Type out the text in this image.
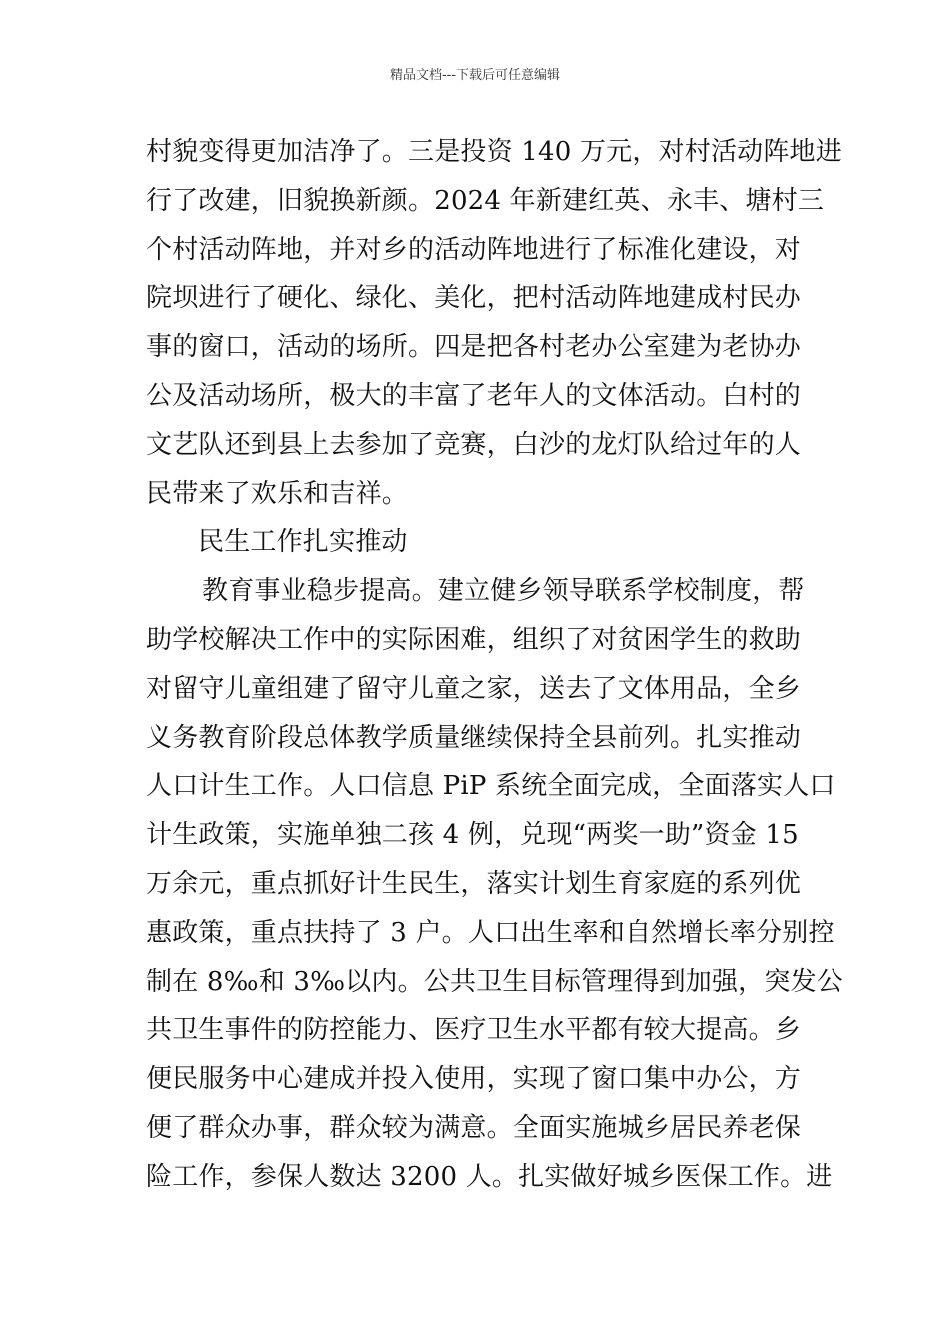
精品文档---下载后可任意编辑
村貌变得更加洁净了。三是投资 140 万元，对村活动阵地进
行了改建，旧貌换新颜。2024 年新建红英、永丰、塘村三
个村活动阵地，并对乡的活动阵地进行了标准化建设，对
院坝进行了硬化、绿化、美化，把村活动阵地建成村民办
事的窗口，活动的场所。四是把各村老办公室建为老协办
公及活动场所，极大的丰富了老年人的文体活动。白村的
文艺队还到县上去参加了竞赛，白沙的龙灯队给过年的人
民带来了欢乐和吉祥。
民生工作扎实推动
教育事业稳步提高。建立健乡领导联系学校制度，帮
助学校解决工作中的实际困难，组织了对贫困学生的救助
对留守儿童组建了留守儿童之家，送去了文体用品，全乡
义务教育阶段总体教学质量继续保持全县前列。扎实推动
人口计生工作。人口信息 PiP 系统全面完成，全面落实人口
计生政策，实施单独二孩 4 例，兑现“两奖一助”资金 15
万余元，重点抓好计生民生，落实计划生育家庭的系列优
惠政策，重点扶持了 3 户。人口出生率和自然增长率分别控
制在 8‰和 3‰以内。公共卫生目标管理得到加强，突发公
共卫生事件的防控能力、医疗卫生水平都有较大提高。乡
便民服务中心建成并投入使用，实现了窗口集中办公，方
便了群众办事，群众较为满意。全面实施城乡居民养老保
险工作，参保人数达 3200 人。扎实做好城乡医保工作。进
